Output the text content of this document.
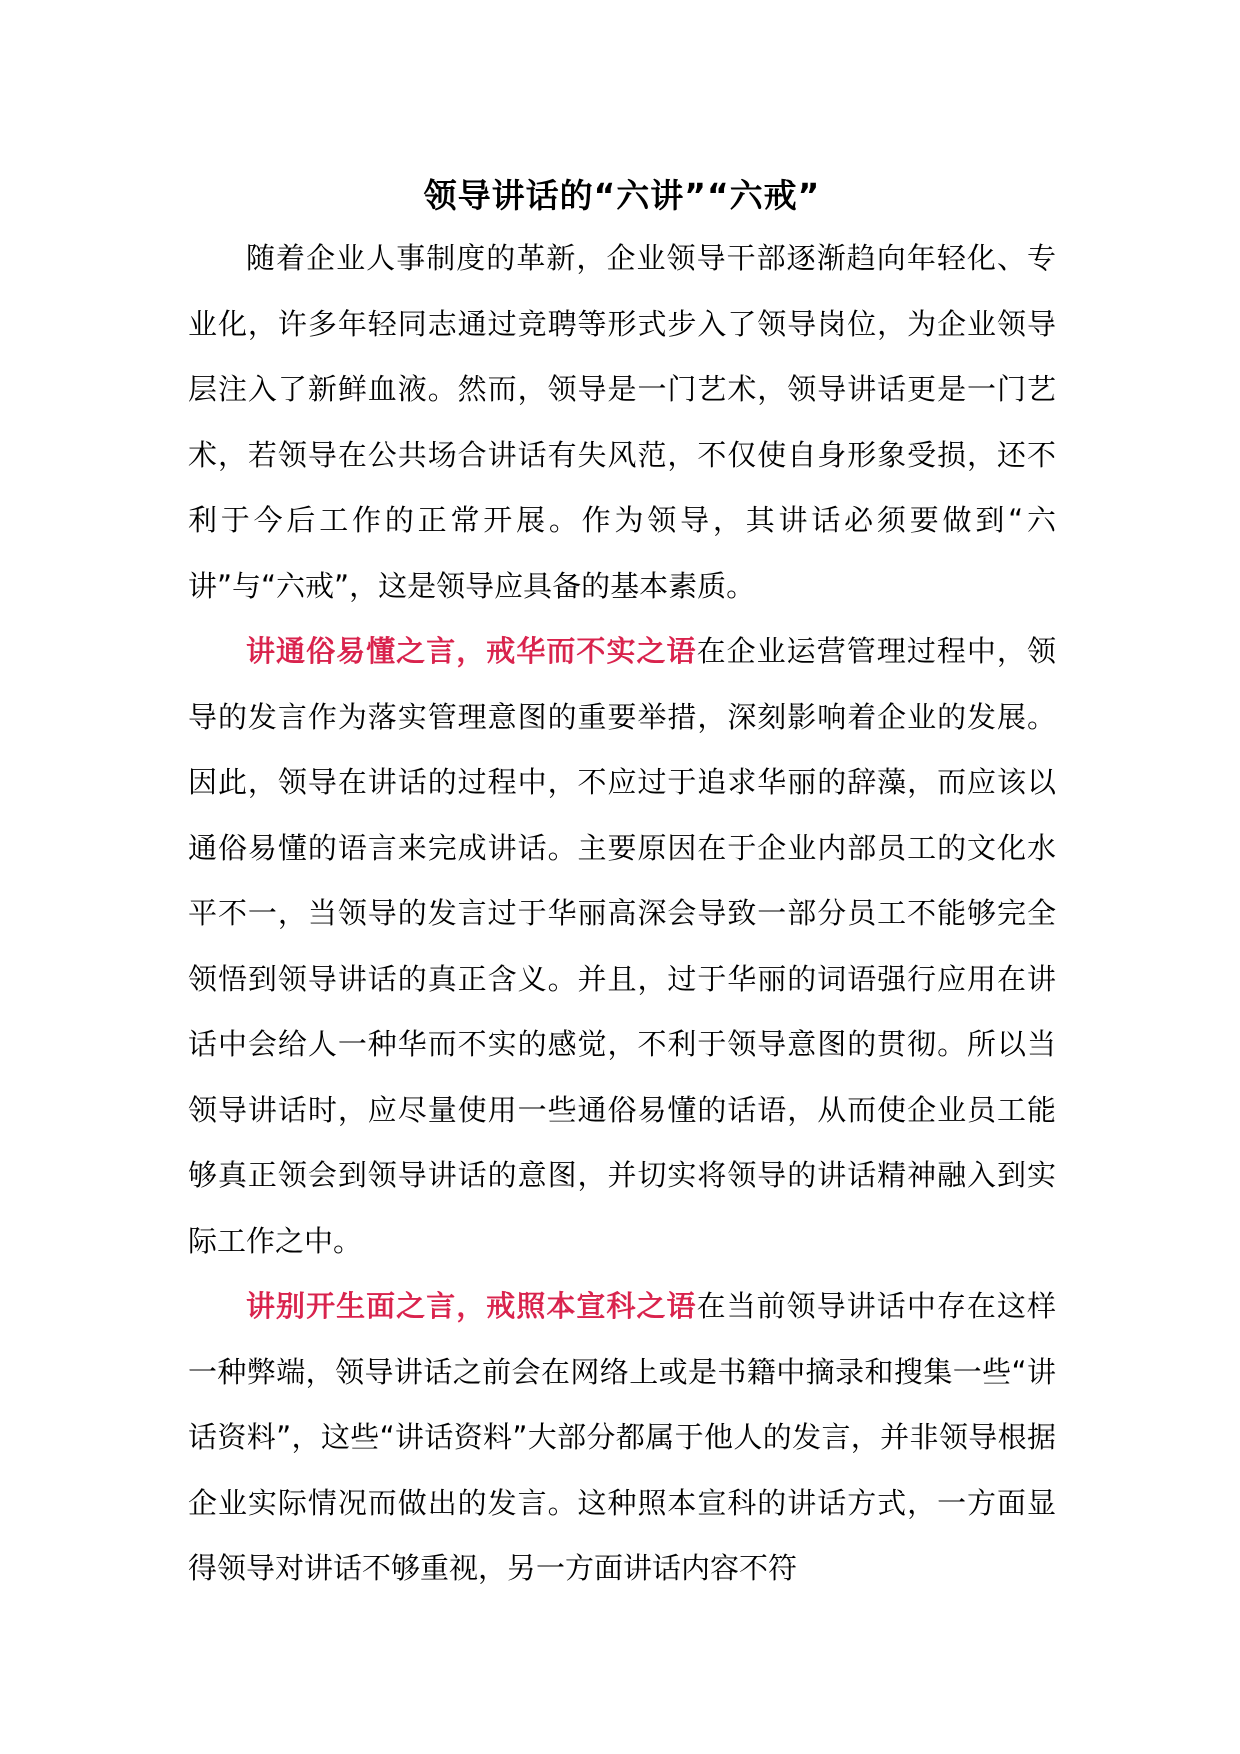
领导讲话的“六讲”“六戒”

随着企业人事制度的革新，企业领导干部逐渐趋向年轻化、专业化，许多年轻同志通过竞聘等形式步入了领导岗位，为企业领导层注入了新鲜血液。然而，领导是一门艺术，领导讲话更是一门艺术，若领导在公共场合讲话有失风范，不仅使自身形象受损，还不利于今后工作的正常开展。作为领导，其讲话必须要做到“六讲”与“六戒”，这是领导应具备的基本素质。

讲通俗易懂之言，戒华而不实之语在企业运营管理过程中，领导的发言作为落实管理意图的重要举措，深刻影响着企业的发展。因此，领导在讲话的过程中，不应过于追求华丽的辞藻，而应该以通俗易懂的语言来完成讲话。主要原因在于企业内部员工的文化水平不一，当领导的发言过于华丽高深会导致一部分员工不能够完全领悟到领导讲话的真正含义。并且，过于华丽的词语强行应用在讲话中会给人一种华而不实的感觉，不利于领导意图的贯彻。所以当领导讲话时，应尽量使用一些通俗易懂的话语，从而使企业员工能够真正领会到领导讲话的意图，并切实将领导的讲话精神融入到实际工作之中。

讲别开生面之言，戒照本宣科之语在当前领导讲话中存在这样一种弊端，领导讲话之前会在网络上或是书籍中摘录和搜集一些“讲话资料”，这些“讲话资料”大部分都属于他人的发言，并非领导根据企业实际情况而做出的发言。这种照本宣科的讲话方式，一方面显得领导对讲话不够重视，另一方面讲话内容不符
